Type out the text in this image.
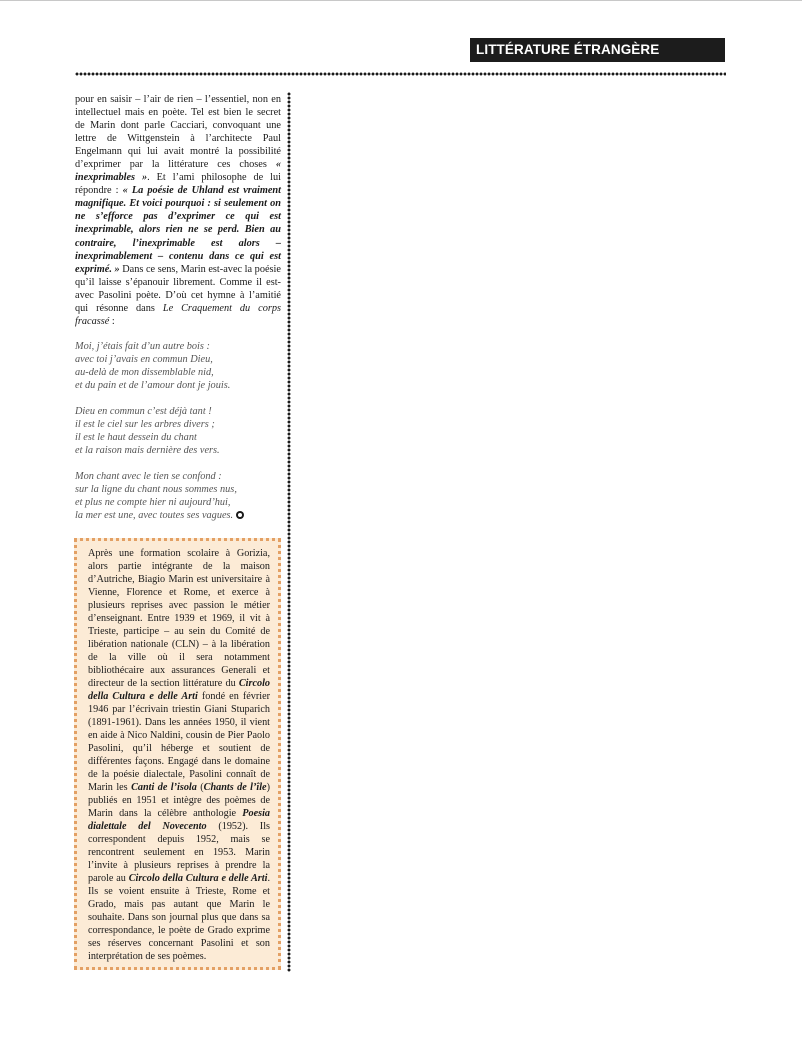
LITTÉRATURE ÉTRANGÈRE

pour en saisir – l’air de rien – l’essentiel, non en intellectuel mais en poète. Tel est bien le secret de Marin dont parle Cacciari, convoquant une lettre de Wittgenstein à l’architecte Paul Engelmann qui lui avait montré la possibilité d’exprimer par la littérature ces choses « inexprimables ». Et l’ami philosophe de lui répondre : « La poésie de Uhland est vraiment magnifique. Et voici pourquoi : si seulement on ne s’efforce pas d’exprimer ce qui est inexprimable, alors rien ne se perd. Bien au contraire, l’inexprimable est alors – inexprimablement – contenu dans ce qui est exprimé. » Dans ce sens, Marin est-avec la poésie qu’il laisse s’épanouir librement. Comme il est-avec Pasolini poète. D’où cet hymne à l’amitié qui résonne dans Le Craquement du corps fracassé :

Moi, j’étais fait d’un autre bois :
avec toi j’avais en commun Dieu,
au-delà de mon dissemblable nid,
et du pain et de l’amour dont je jouis.
Dieu en commun c’est déjà tant !
il est le ciel sur les arbres divers ;
il est le haut dessein du chant
et la raison mais dernière des vers.
Mon chant avec le tien se confond :
sur la ligne du chant nous sommes nus,
et plus ne compte hier ni aujourd’hui,
la mer est une, avec toutes ses vagues.

Après une formation scolaire à Gorizia, alors partie intégrante de la maison d’Autriche, Biagio Marin est universitaire à Vienne, Florence et Rome, et exerce à plusieurs reprises avec passion le métier d’enseignant. Entre 1939 et 1969, il vit à Trieste, participe – au sein du Comité de libération nationale (CLN) – à la libération de la ville où il sera notamment bibliothécaire aux assurances Generali et directeur de la section littérature du Circolo della Cultura e delle Arti fondé en février 1946 par l’écrivain triestin Giani Stuparich (1891-1961). Dans les années 1950, il vient en aide à Nico Naldini, cousin de Pier Paolo Pasolini, qu’il héberge et soutient de différentes façons. Engagé dans le domaine de la poésie dialectale, Pasolini connaît de Marin les Canti de l’isola (Chants de l’île) publiés en 1951 et intègre des poèmes de Marin dans la célèbre anthologie Poesia dialettale del Novecento (1952). Ils correspondent depuis 1952, mais se rencontrent seulement en 1953. Marin l’invite à plusieurs reprises à prendre la parole au Circolo della Cultura e delle Arti. Ils se voient ensuite à Trieste, Rome et Grado, mais pas autant que Marin le souhaite. Dans son journal plus que dans sa correspondance, le poète de Grado exprime ses réserves concernant Pasolini et son interprétation de ses poèmes.
